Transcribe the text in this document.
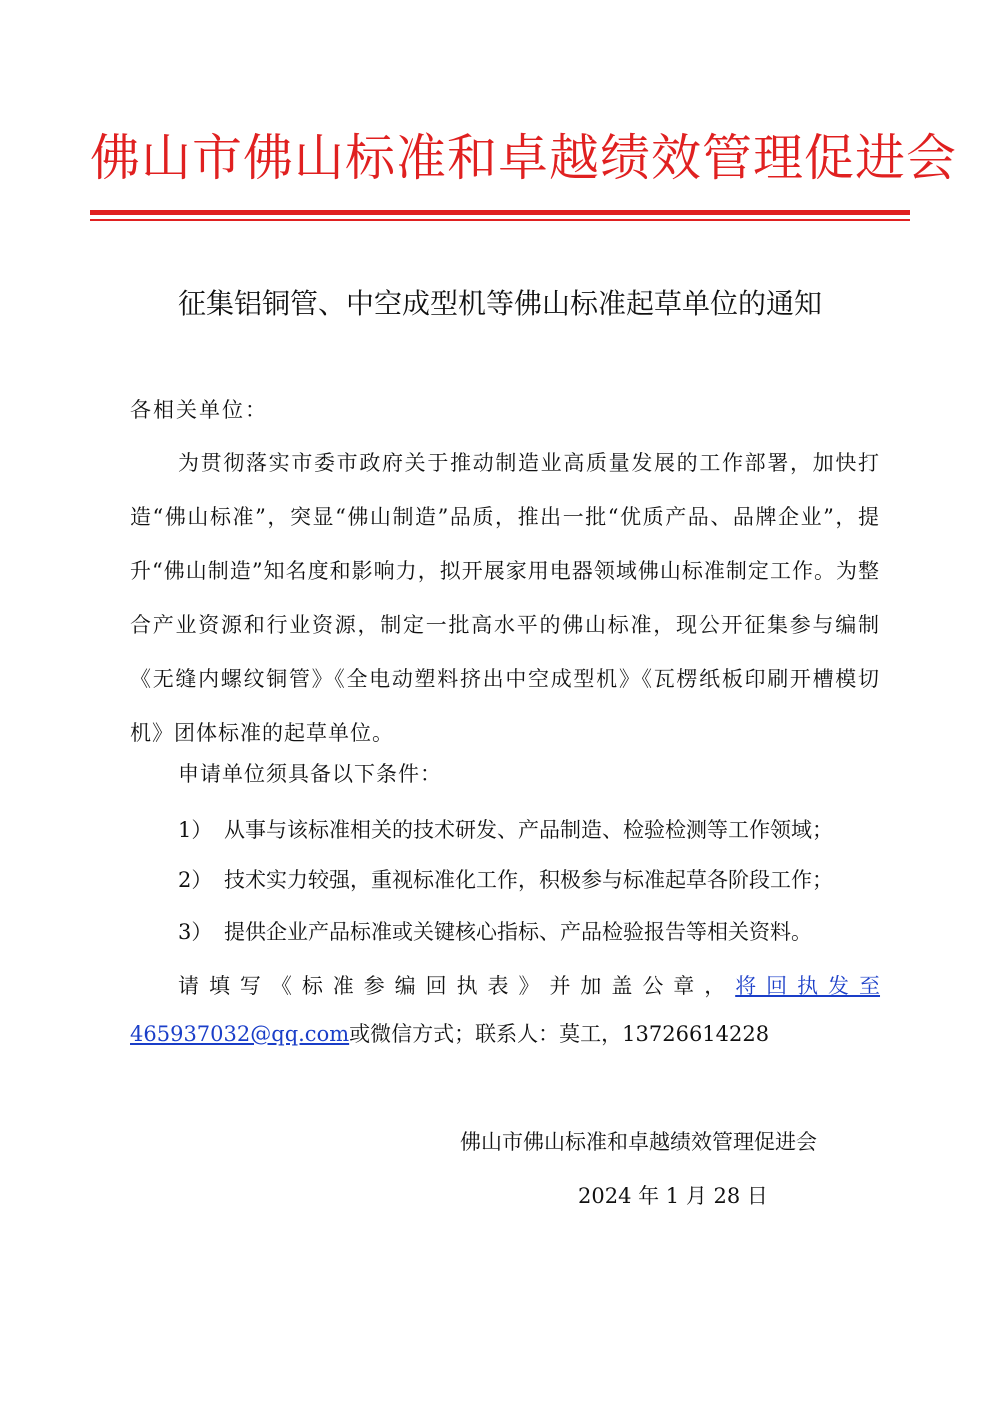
佛山市佛山标准和卓越绩效管理促进会
征集铝铜管、中空成型机等佛山标准起草单位的通知
各相关单位：
为贯彻落实市委市政府关于推动制造业高质量发展的工作部署，加快打造“佛山标准”，突显“佛山制造”品质，推出一批“优质产品、品牌企业”，提升“佛山制造”知名度和影响力，拟开展家用电器领域佛山标准制定工作。为整合产业资源和行业资源，制定一批高水平的佛山标准，现公开征集参与编制《无缝内螺纹铜管》《全电动塑料挤出中空成型机》《瓦楞纸板印刷开槽模切机》团体标准的起草单位。
申请单位须具备以下条件：
1） 从事与该标准相关的技术研发、产品制造、检验检测等工作领域；
2） 技术实力较强，重视标准化工作，积极参与标准起草各阶段工作；
3） 提供企业产品标准或关键核心指标、产品检验报告等相关资料。
请填写《标准参编回执表》并加盖公章，将回执发至465937032@qq.com或微信方式；联系人：莫工，13726614228
佛山市佛山标准和卓越绩效管理促进会
2024 年 1 月 28 日
